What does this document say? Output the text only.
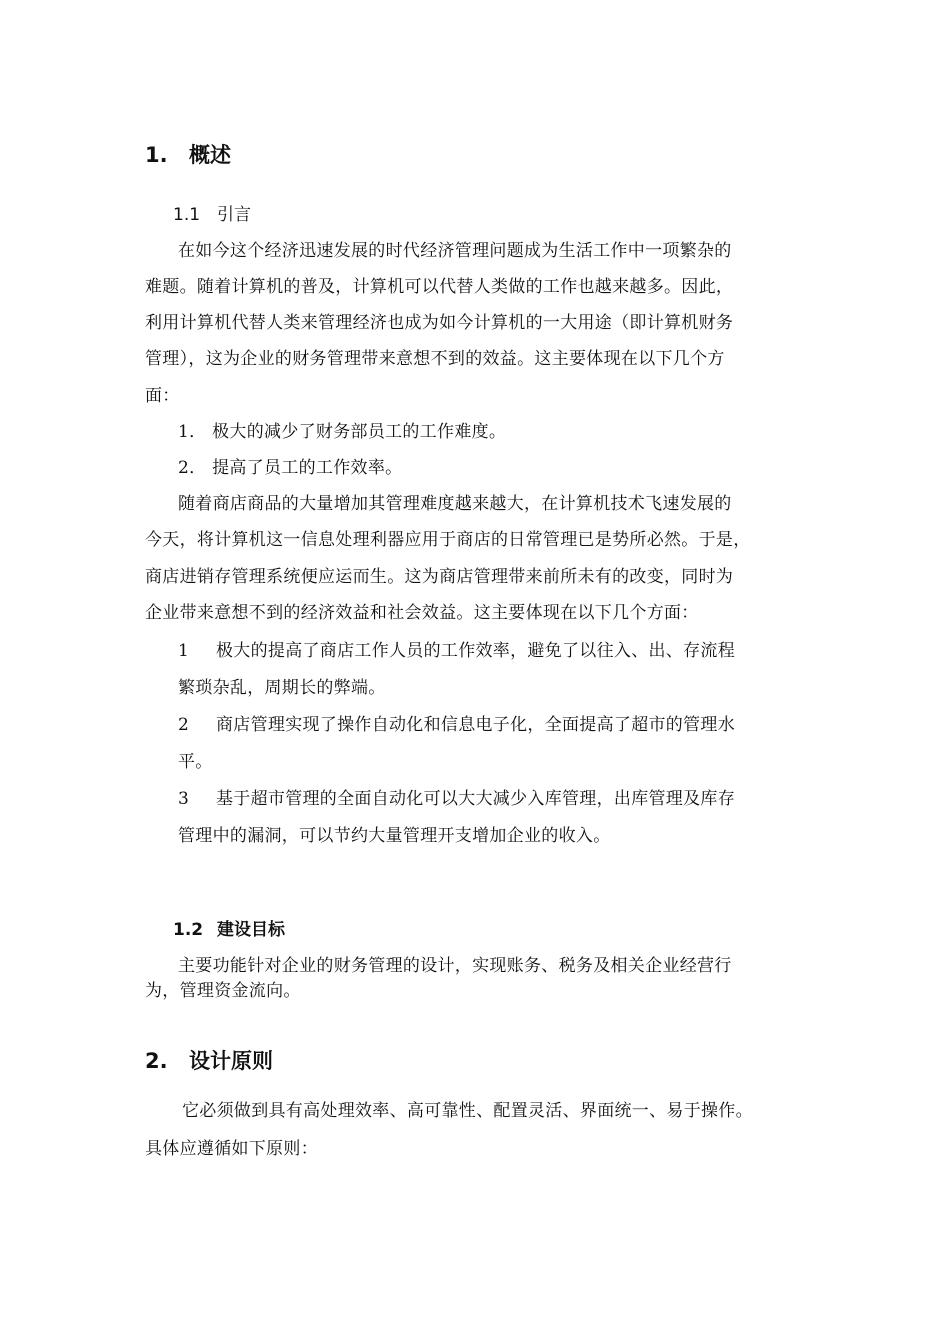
1. 概述
1.1 引言
在如今这个经济迅速发展的时代经济管理问题成为生活工作中一项繁杂的
难题。随着计算机的普及，计算机可以代替人类做的工作也越来越多。因此，
利用计算机代替人类来管理经济也成为如今计算机的一大用途（即计算机财务
管理），这为企业的财务管理带来意想不到的效益。这主要体现在以下几个方
面：
1． 极大的减少了财务部员工的工作难度。
2． 提高了员工的工作效率。
随着商店商品的大量增加其管理难度越来越大，在计算机技术飞速发展的
今天，将计算机这一信息处理利器应用于商店的日常管理已是势所必然。于是，
商店进销存管理系统便应运而生。这为商店管理带来前所未有的改变，同时为
企业带来意想不到的经济效益和社会效益。这主要体现在以下几个方面：
1 极大的提高了商店工作人员的工作效率，避免了以往入、出、存流程
繁琐杂乱，周期长的弊端。
2 商店管理实现了操作自动化和信息电子化，全面提高了超市的管理水
平。
3 基于超市管理的全面自动化可以大大减少入库管理，出库管理及库存
管理中的漏洞，可以节约大量管理开支增加企业的收入。
1.2 建设目标
主要功能针对企业的财务管理的设计，实现账务、税务及相关企业经营行
为，管理资金流向。
2. 设计原则
它必须做到具有高处理效率、高可靠性、配置灵活、界面统一、易于操作。
具体应遵循如下原则：
